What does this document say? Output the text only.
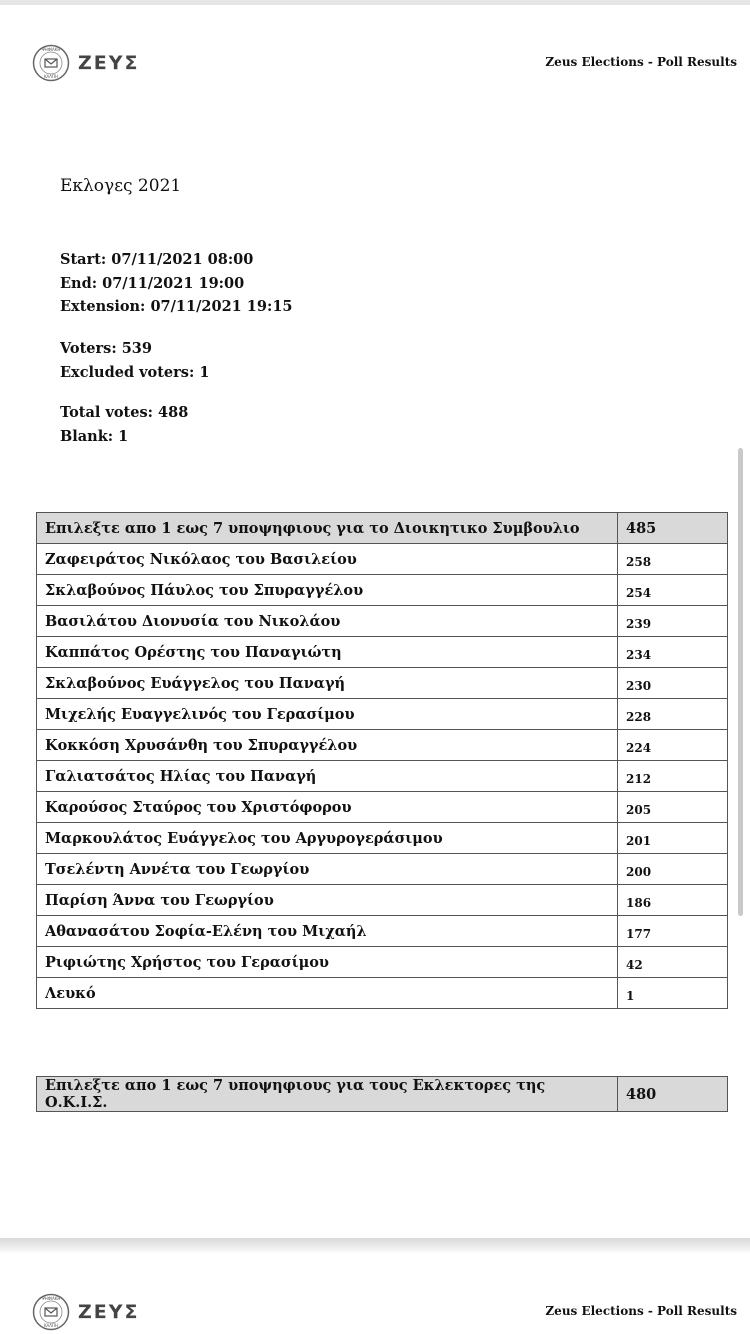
ΨΗΦΙΑΚΗ
ΚΑΛΠΗ
ΖΕΥΣ	Zeus Elections - Poll Results
Εκλογες 2021
Start: 07/11/2021 08:00
End: 07/11/2021 19:00
Extension: 07/11/2021 19:15
Voters: 539
Excluded voters: 1
Total votes: 488
Blank: 1
Επιλεξτε απο 1 εως 7 υποψηφιους για το Διοικητικο Συμβουλιο	485
Ζαφειράτος Νικόλαος του Βασιλείου	258
Σκλαβούνος Πάυλος του Σπυραγγέλου	254
Βασιλάτου Διονυσία του Νικολάου	239
Καππάτος Ορέστης του Παναγιώτη	234
Σκλαβούνος Ευάγγελος του Παναγή	230
Μιχελής Ευαγγελινός του Γερασίμου	228
Κοκκόση Χρυσάνθη του Σπυραγγέλου	224
Γαλιατσάτος Ηλίας του Παναγή	212
Καρούσος Σταύρος του Χριστόφορου	205
Μαρκουλάτος Ευάγγελος του Αργυρογεράσιμου	201
Τσελέντη Αννέτα του Γεωργίου	200
Παρίση Άννα του Γεωργίου	186
Αθανασάτου Σοφία-Ελένη του Μιχαήλ	177
Ριφιώτης Χρήστος του Γερασίμου	42
Λευκό	1
Επιλεξτε απο 1 εως 7 υποψηφιους για τους Εκλεκτορες της Ο.Κ.Ι.Σ.	480
ΨΗΦΙΑΚΗ
ΚΑΛΠΗ
ΖΕΥΣ	Zeus Elections - Poll Results
